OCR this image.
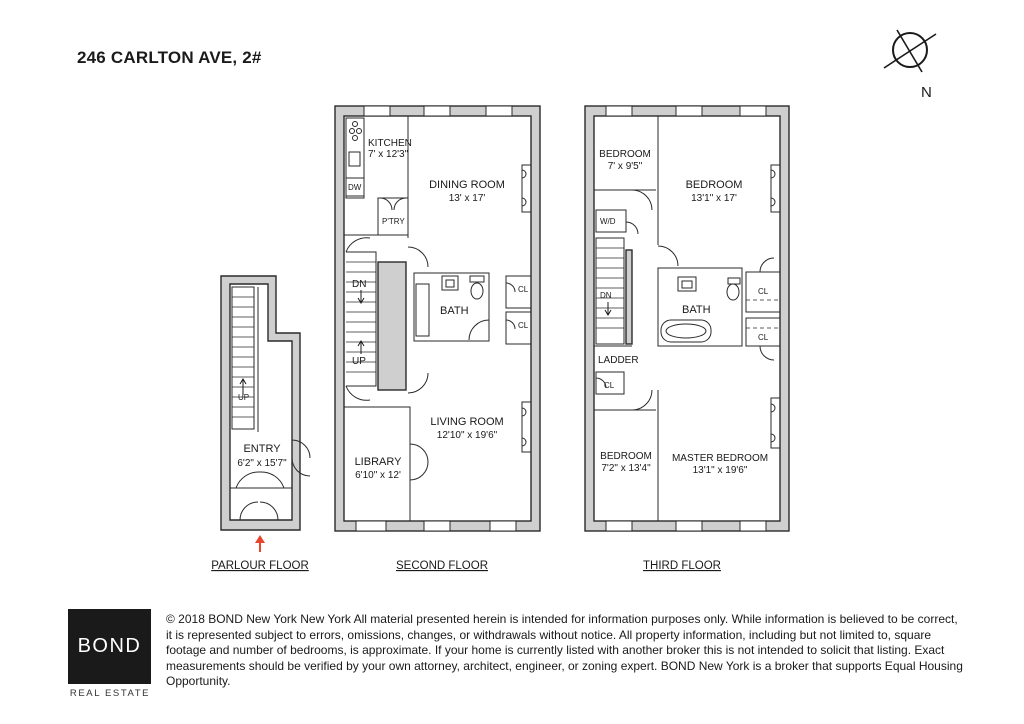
246 CARLTON AVE, 2#
UP
ENTRY
6'2" x 15'7"
PARLOUR FLOOR
DW
KITCHEN
7' x 12'3"
P'TRY
DINING ROOM
13' x 17'
DN
UP
BATH
CL
CL
LIVING ROOM
12'10" x 19'6"
LIBRARY
6'10" x 12'
SECOND FLOOR
BEDROOM
7' x 9'5"
W/D
DN
BEDROOM
13'1" x 17'
BATH
CL
CL
LADDER
CL
BEDROOM
7'2" x 13'4"
MASTER BEDROOM
13'1" x 19'6"
THIRD FLOOR
N
BOND
REAL ESTATE
© 2018 BOND New York New York All material presented herein is intended for information purposes only. While information is believed to be correct, it is represented subject to errors, omissions, changes, or withdrawals without notice. All property information, including but not limited to, square footage and number of bedrooms, is approximate. If your home is currently listed with another broker this is not intended to solicit that listing. Exact measurements should be verified by your own attorney, architect, engineer, or zoning expert. BOND New York is a broker that supports Equal Housing Opportunity.
